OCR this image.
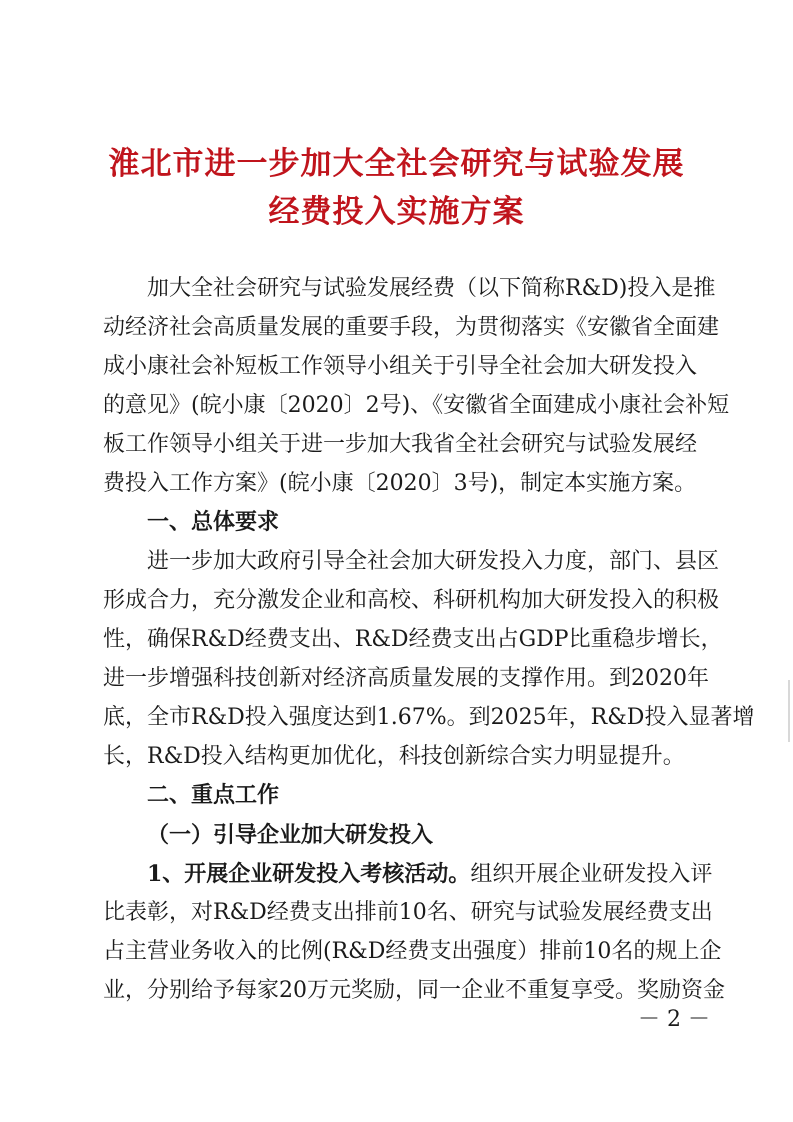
淮北市进一步加大全社会研究与试验发展
经费投入实施方案
加大全社会研究与试验发展经费（以下简称R&D)投入是推
动经济社会高质量发展的重要手段，为贯彻落实《安徽省全面建
成小康社会补短板工作领导小组关于引导全社会加大研发投入
的意见》(皖小康〔2020〕2号)、《安徽省全面建成小康社会补短
板工作领导小组关于进一步加大我省全社会研究与试验发展经
费投入工作方案》(皖小康〔2020〕3号)，制定本实施方案。
一、总体要求
进一步加大政府引导全社会加大研发投入力度，部门、县区
形成合力，充分激发企业和高校、科研机构加大研发投入的积极
性，确保R&D经费支出、R&D经费支出占GDP比重稳步增长，
进一步增强科技创新对经济高质量发展的支撑作用。到2020年
底，全市R&D投入强度达到1.67%。到2025年，R&D投入显著增
长，R&D投入结构更加优化，科技创新综合实力明显提升。
二、重点工作
（一）引导企业加大研发投入
1、开展企业研发投入考核活动。组织开展企业研发投入评
比表彰，对R&D经费支出排前10名、研究与试验发展经费支出
占主营业务收入的比例(R&D经费支出强度）排前10名的规上企
业，分别给予每家20万元奖励，同一企业不重复享受。奖励资金
－ 2 －
